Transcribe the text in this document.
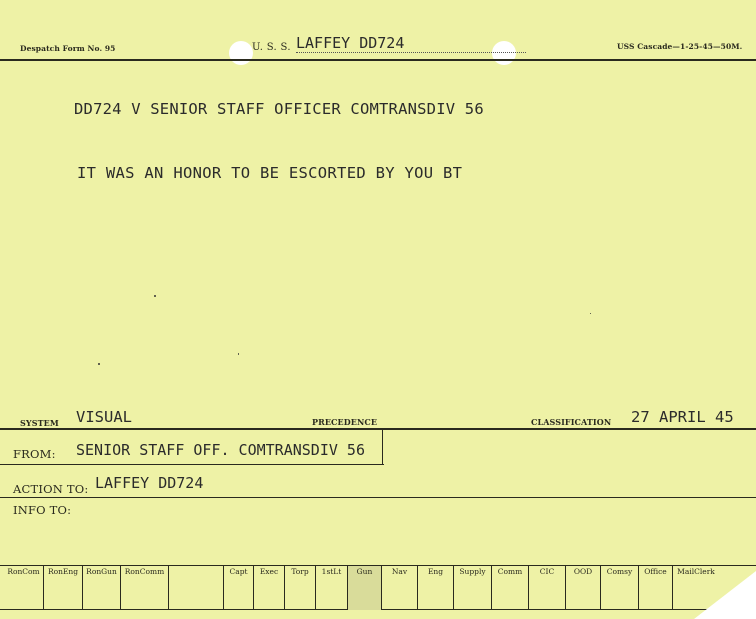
Despatch Form No. 95	U. S. S. LAFFEY DD724	USS Cascade—1-25-45—50M.
DD724 V SENIOR STAFF OFFICER COMTRANSDIV 56
IT WAS AN HONOR TO BE ESCORTED BY YOU BT
SYSTEM VISUAL	PRECEDENCE	CLASSIFICATION 27 APRIL 45
FROM: SENIOR STAFF OFF. COMTRANSDIV 56
ACTION TO: LAFFEY DD724
INFO TO:
RonCom	RonEng	RonGun	RonComm	Capt	Exec	Torp	1stLt	Gun	Nav	Eng	Supply	Comm	CIC	OOD	Comsy	Office	MailClerk
